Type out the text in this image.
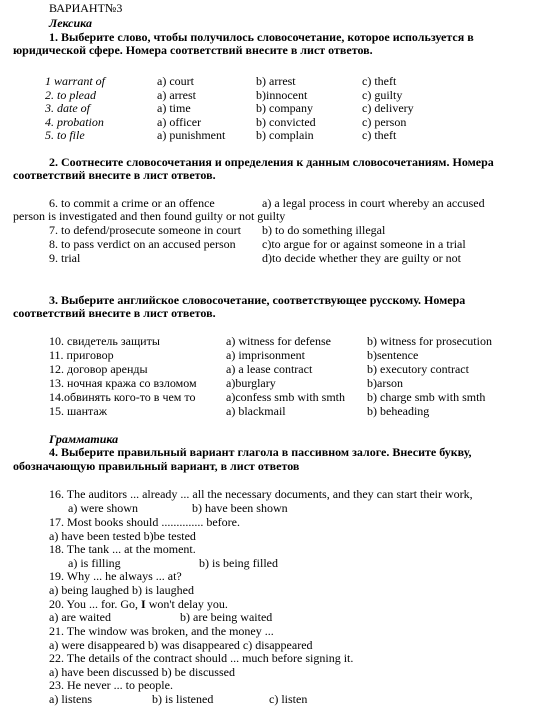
ВАРИАНТ№3
Лексика
1. Выберите слово, чтобы получилось словосочетание, которое используется в
юридической сфере. Номера соответствий внесите в лист ответов.
1 warrant of	a) court	b) arrest	c) theft
2. to plead	a) arrest	b)innocent	c) guilty
3. date of	a) time	b) company	c) delivery
4. probation	a) officer	b) convicted	c) person
5. to file	a) punishment	b) complain	c) theft
2. Соотнесите словосочетания и определения к данным словосочетаниям. Номера
соответствий внесите в лист ответов.
6. to commit a crime or an offence	a) a legal process in court whereby an accused
person is investigated and then found guilty or not guilty
7. to defend/prosecute someone in court b) to do something illegal
8. to pass verdict on an accused person c)to argue for or against someone in a trial
9. trial	d)to decide whether they are guilty or not
3. Выберите английское словосочетание, соответствующее русскому. Номера
соответствий внесите в лист ответов.
10. свидетель защиты	a) witness for defense	b) witness for prosecution
11. приговор	a) imprisonment	b)sentence
12. договор аренды	a) a lease contract	b) executory contract
13. ночная кража со взломом a)burglary	b)arson
14.обвинять кого-то в чем то	a)confess smb with smth b) charge smb with smth
15. шантаж	a) blackmail	b) beheading
Грамматика
4. Выберите правильный вариант глагола в пассивном залоге. Внесите букву,
обозначающую правильный вариант, в лист ответов
16. The auditors ... already ... all the necessary documents, and they can start their work,
a) were shown	b) have been shown
17. Most books should .............. before.
a) have been tested b)be tested
18. The tank ... at the moment.
a) is filling	b) is being filled
19. Why ... he always ... at?
a) being laughed b) is laughed
20. You ... for. Go, I won't delay you.
a) are waited	b) are being waited
21. The window was broken, and the money ...
a) were disappeared b) was disappeared c) disappeared
22. The details of the contract should ... much before signing it.
a) have been discussed b) be discussed
23. He never ... to people.
a) listens	b) is listened	c) listen
